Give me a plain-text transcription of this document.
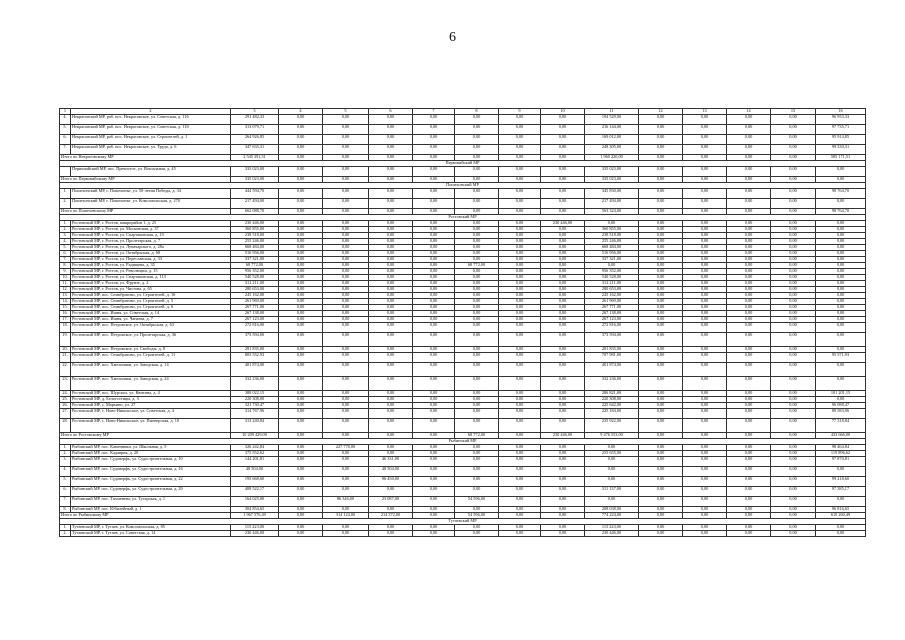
6
1	2	3	4	5	6	7	8	9	10	11	12	13	14	15	16
4.	Некрасовский МР, раб. пос. Некрасовское, ул. Советская, д. 116	291 482,33	0,00	0,00	0,00	0,00	0,00	0,00	0,00	194 529,00	0,00	0,00	0,00	0,00	96 953,33
5.	Некрасовский МР, раб. пос. Некрасовское, ул. Советская, д. 118	313 079,71	0,00	0,00	0,00	0,00	0,00	0,00	0,00	216 144,00	0,00	0,00	0,00	0,00	97 735,71
6.	Некрасовский МР, раб. пос. Некрасовское, ул. Строителей, д. 1	264 926,85	0,00	0,00	0,00	0,00	0,00	0,00	0,00	169 012,00	0,00	0,00	0,00	0,00	95 914,85
7.	Некрасовский МР, раб. пос. Некрасовское, ул. Труда, д. 6	347 635,31	0,00	0,00	0,00	0,00	0,00	0,00	0,00	248 305,00	0,00	0,00	0,00	0,00	99 330,31
Итого по Некрасовскому МР		2 545 391,51	0,00	0,00	0,00	0,00	0,00	0,00	0,00	1 960 220,00	0,00	0,00	0,00	0,00	585 171,51
Первомайский МР															
	Первомайский МР, пос. Пречистое, ул. Вокзальная, д. 45	335 023,00	0,00	0,00	0,00	0,00	0,00	0,00	0,00	335 023,00	0,00	0,00	0,00	0,00	0,00
Итого по Первомайскому МР		335 023,00	0,00	0,00	0,00	0,00	0,00	0,00	0,00	335 023,00	0,00	0,00	0,00	0,00	0,00
Пошехонский МР															
1.	Пошехонский МР, г. Пошехонье, ул. 50-летия Победы, д. 34	444 594,70	0,00	0,00	0,00	0,00	0,00	0,00	0,00	345 830,00	0,00	0,00	0,00	0,00	98 764,70
2.	Пошехонский МР, г. Пошехонье, ул. Комсомольская, д. 270	217 494,00	0,00	0,00	0,00	0,00	0,00	0,00	0,00	217 494,00	0,00	0,00	0,00	0,00	0,00
Итого по Пошехонскому МР		662 088,70	0,00	0,00	0,00	0,00	0,00	0,00	0,00	563 324,00	0,00	0,00	0,00	0,00	98 764,70
Ростовский МР															
1.	Ростовский МР, г. Ростов, микрорайон 1, д. 25	230 446,00	0,00	0,00	0,00	0,00	0,00	0,00	230 446,00	0,00	0,00	0,00	0,00	0,00	0,00
2.	Ростовский МР, г. Ростов, ул. Московская, д. 37	360 855,00	0,00	0,00	0,00	0,00	0,00	0,00	0,00	360 855,00	0,00	0,00	0,00	0,00	0,00
3.	Ростовский МР, г. Ростов, ул. Спартаковская, д. 19	238 518,00	0,00	0,00	0,00	0,00	0,00	0,00	0,00	238 518,00	0,00	0,00	0,00	0,00	0,00
4.	Ростовский МР, г. Ростов, ул. Пролетарская, д. 7	255 246,00	0,00	0,00	0,00	0,00	0,00	0,00	0,00	255 246,00	0,00	0,00	0,00	0,00	0,00
5.	Ростовский МР, г. Ростов, ул. Луначарского, д. 28а	668 484,00	0,00	0,00	0,00	0,00	0,00	0,00	0,00	668 484,00	0,00	0,00	0,00	0,00	0,00
6.	Ростовский МР, г. Ростов, ул. Октябрьская, д. 68	516 956,00	0,00	0,00	0,00	0,00	0,00	0,00	0,00	516 956,00	0,00	0,00	0,00	0,00	0,00
7.	Ростовский МР, г. Ростов, ул. Переславская, д. 33	337 321,00	0,00	0,00	0,00	0,00	0,00	0,00	0,00	337 321,00	0,00	0,00	0,00	0,00	0,00
8.	Ростовский МР, г. Ростов, ул. Радищева, д. 35	68 772,00	0,00	0,00	0,00	0,00	68 772,00	0,00	0,00	0,00	0,00	0,00	0,00	0,00	0,00
9.	Ростовский МР, г. Ростов, ул. Революции, д. 15	956 352,00	0,00	0,00	0,00	0,00	0,00	0,00	0,00	956 352,00	0,00	0,00	0,00	0,00	0,00
10.	Ростовский МР, г. Ростов, ул. Спартаковская, д. 113	540 528,00	0,00	0,00	0,00	0,00	0,00	0,00	0,00	540 528,00	0,00	0,00	0,00	0,00	0,00
11.	Ростовский МР, г. Ростов, ул. Фрунзе, д. 2	312 211,00	0,00	0,00	0,00	0,00	0,00	0,00	0,00	312 211,00	0,00	0,00	0,00	0,00	0,00
12.	Ростовский МР, г. Ростов, ул. Чистова, д. 65	280 653,00	0,00	0,00	0,00	0,00	0,00	0,00	0,00	280 653,00	0,00	0,00	0,00	0,00	0,00
13.	Ростовский МР, пос. Семибратово, ул. Строителей, д. 16	245 162,00	0,00	0,00	0,00	0,00	0,00	0,00	0,00	245 162,00	0,00	0,00	0,00	0,00	0,00
14.	Ростовский МР, пос. Семибратово, ул. Строителей, д. 5	261 969,00	0,00	0,00	0,00	0,00	0,00	0,00	0,00	261 969,00	0,00	0,00	0,00	0,00	0,00
15.	Ростовский МР, пос. Семибратово, ул. Строителей, д. 6	267 771,00	0,00	0,00	0,00	0,00	0,00	0,00	0,00	267 771,00	0,00	0,00	0,00	0,00	0,00
16.	Ростовский МР, пос. Ишня, ул. Советская, д. 14	267 138,00	0,00	0,00	0,00	0,00	0,00	0,00	0,00	267 138,00	0,00	0,00	0,00	0,00	0,00
17.	Ростовский МР, пос. Ишня, ул. Чапаева, д. 7	267 123,00	0,00	0,00	0,00	0,00	0,00	0,00	0,00	267 123,00	0,00	0,00	0,00	0,00	0,00
18.	Ростовский МР, пос. Петровское, ул. Октябрьская, д. 63	272 816,00	0,00	0,00	0,00	0,00	0,00	0,00	0,00	272 816,00	0,00	0,00	0,00	0,00	0,00
19.	Ростовский МР, пос. Петровское, ул. Пролетарская, д. 36	373 594,00	0,00	0,00	0,00	0,00	0,00	0,00	0,00	373 594,00	0,00	0,00	0,00	0,00	0,00
20.	Ростовский МР, пос. Петровское, ул. Свободы, д. 8	281 835,00	0,00	0,00	0,00	0,00	0,00	0,00	0,00	281 835,00	0,00	0,00	0,00	0,00	0,00
21.	Ростовский МР, пос. Семибратово, ул. Строителей, д. 11	803 552,93	0,00	0,00	0,00	0,00	0,00	0,00	0,00	707 981,00	0,00	0,00	0,00	0,00	95 571,93
22.	Ростовский МР, пос. Хмельники, ул. Заводская, д. 14	401 874,00	0,00	0,00	0,00	0,00	0,00	0,00	0,00	401 874,00	0,00	0,00	0,00	0,00	0,00
23.	Ростовский МР, пос. Хмельники, ул. Заводская, д. 24	332 236,00	0,00	0,00	0,00	0,00	0,00	0,00	0,00	332 236,00	0,00	0,00	0,00	0,00	0,00
24.	Ростовский МР, пос. Шурскол, ул. Квитина, д. 4	388 022,15	0,00	0,00	0,00	0,00	0,00	0,00	0,00	286 821,00	0,00	0,00	0,00	0,00	101 201,15
25.	Ростовский МР, д. Белогостицы, д. 3	220 308,00	0,00	0,00	0,00	0,00	0,00	0,00	0,00	220 308,00	0,00	0,00	0,00	0,00	0,00
26.	Ростовский МР, с. Марьино, ул. 27	321 730,47	0,00	0,00	0,00	0,00	0,00	0,00	0,00	225 642,00	0,00	0,00	0,00	0,00	96 088,47
27.	Ростовский МР, с. Ново-Никольское, ул. Советская, д. 4	314 767,96	0,00	0,00	0,00	0,00	0,00	0,00	0,00	225 184,00	0,00	0,00	0,00	0,00	89 583,96
28.	Ростовский МР, с. Ново-Никольское, ул. Пионерская, д. 10	313 240,84	0,00	0,00	0,00	0,00	0,00	0,00	0,00	235 922,00	0,00	0,00	0,00	0,00	77 318,84
Итого по Ростовскому МР		10 209 429,00	0,00	0,00	0,00	0,00	68 772,00	0,00	230 446,00	9 476 553,00	0,00	0,00	0,00	0,00	433 666,00
Рыбинский МР															
1.	Рыбинский МР, пос. Каменники, ул. Школьная, д. 5	326 242,84	0,00	227 778,00	0,00	0,00	0,00	0,00	0,00	0,00	0,00	0,00	0,00	0,00	98 464,84
2.	Рыбинский МР, пос. Кадаврик, д. 20	375 552,62	0,00	0,00	0,00	0,00	0,00	0,00	0,00	255 655,00	0,00	0,00	0,00	0,00	119 896,62
3.	Рыбинский МР, пос. Судоверфь, ул. Судостроительная, д. 10	144 201,81	0,00	0,00	46 331,00	0,00	0,00	0,00	0,00	0,00	0,00	0,00	0,00	0,00	97 870,81
4.	Рыбинский МР, пос. Судоверфь, ул. Судостроительная, д. 16	48 504,00	0,00	0,00	48 504,00	0,00	0,00	0,00	0,00	0,00	0,00	0,00	0,00	0,00	0,00
5.	Рыбинский МР, пос. Судоверфь, ул. Судостроительная, д. 22	195 668,60	0,00	0,00	96 450,00	0,00	0,00	0,00	0,00	0,00	0,00	0,00	0,00	0,00	99 218,60
6.	Рыбинский МР, пос. Судоверфь, ул. Судостроительная, д. 29	408 522,17	0,00	0,00	0,00	0,00	0,00	0,00	0,00	311 137,00	0,00	0,00	0,00	0,00	97 385,17
7.	Рыбинский МР, пос. Тихменева, ул. Тугарская, д. 1	164 025,00	0,00	86 346,00	23 087,00	0,00	54 596,00	0,00	0,00	0,00	0,00	0,00	0,00	0,00	0,00
8.	Рыбинский МР, пос. Юбилейный, д. 1	304 854,65	0,00	0,00	0,00	0,00	0,00	0,00	0,00	208 038,00	0,00	0,00	0,00	0,00	96 816,65
Итого по Рыбинскому МР		1 967 576,49	0,00	314 124,00	214 372,00	0,00	54 596,00	0,00	0,00	774 224,00	0,00	0,00	0,00	0,00	610 260,49
Тутаевский МР															
1.	Тутаевский МР, г. Тутаев, ул. Комсомольская, д. 85	115 223,00	0,00	0,00	0,00	0,00	0,00	0,00	0,00	115 223,00	0,00	0,00	0,00	0,00	0,00
2.	Тутаевский МР, г. Тутаев, ул. Советская, д. 14	230 446,00	0,00	0,00	0,00	0,00	0,00	0,00	0,00	230 446,00	0,00	0,00	0,00	0,00	0,00
